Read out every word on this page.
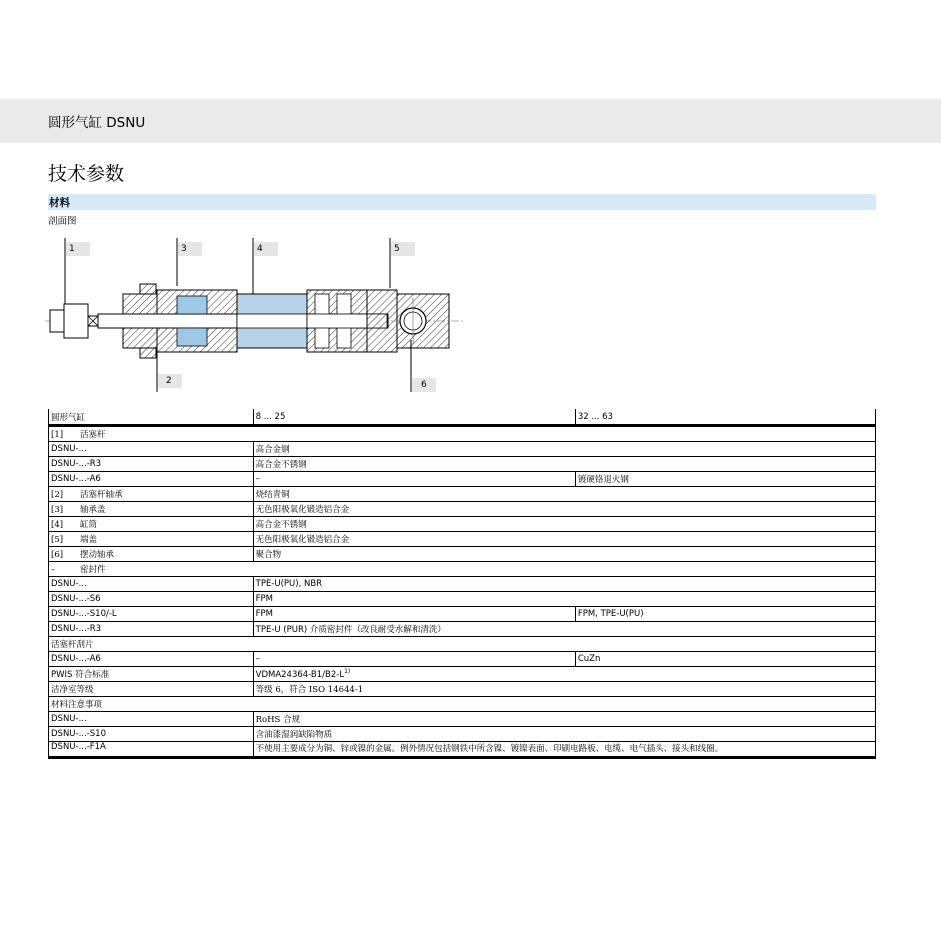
圆形气缸 DSNU
技术参数
材料
剖面图
1
2
3	4	5
6
圆形气缸	8 ... 25	32 ... 63
[1] 活塞杆		
DSNU-...	高合金钢	
DSNU-...-R3	高合金不锈钢	
DSNU-...-A6	–	镀硬铬退火钢
[2] 活塞杆轴承	烧结青铜	
[3] 轴承盖	无色阳极氧化锻造铝合金	
[4] 缸筒	高合金不锈钢	
[5] 端盖	无色阳极氧化锻造铝合金	
[6] 摆动轴承	聚合物	
– 密封件		
DSNU-...	TPE-U(PU), NBR	
DSNU-...-S6	FPM	
DSNU-...-S10/-L	FPM	FPM, TPE-U(PU)
DSNU-...-R3	TPE-U (PUR) 介质密封件（改良耐受水解和清洗）	
活塞杆刮片		
DSNU-...-A6	–	CuZn
PWIS 符合标准	$VDMA24364-B1/B2-L^{1)}$
洁净室等级	等级 6，符合 ISO 14644-1	
材料注意事项		
DSNU-...	RoHS 合规	
DSNU-...-S10	含油漆湿润缺陷物质	
DSNU-...-F1A	不使用主要成分为铜、锌或镍的金属。例外情况包括钢铁中所含镍、镀镍表面、印刷电路板、电缆、电气插头、接头和线圈。	
